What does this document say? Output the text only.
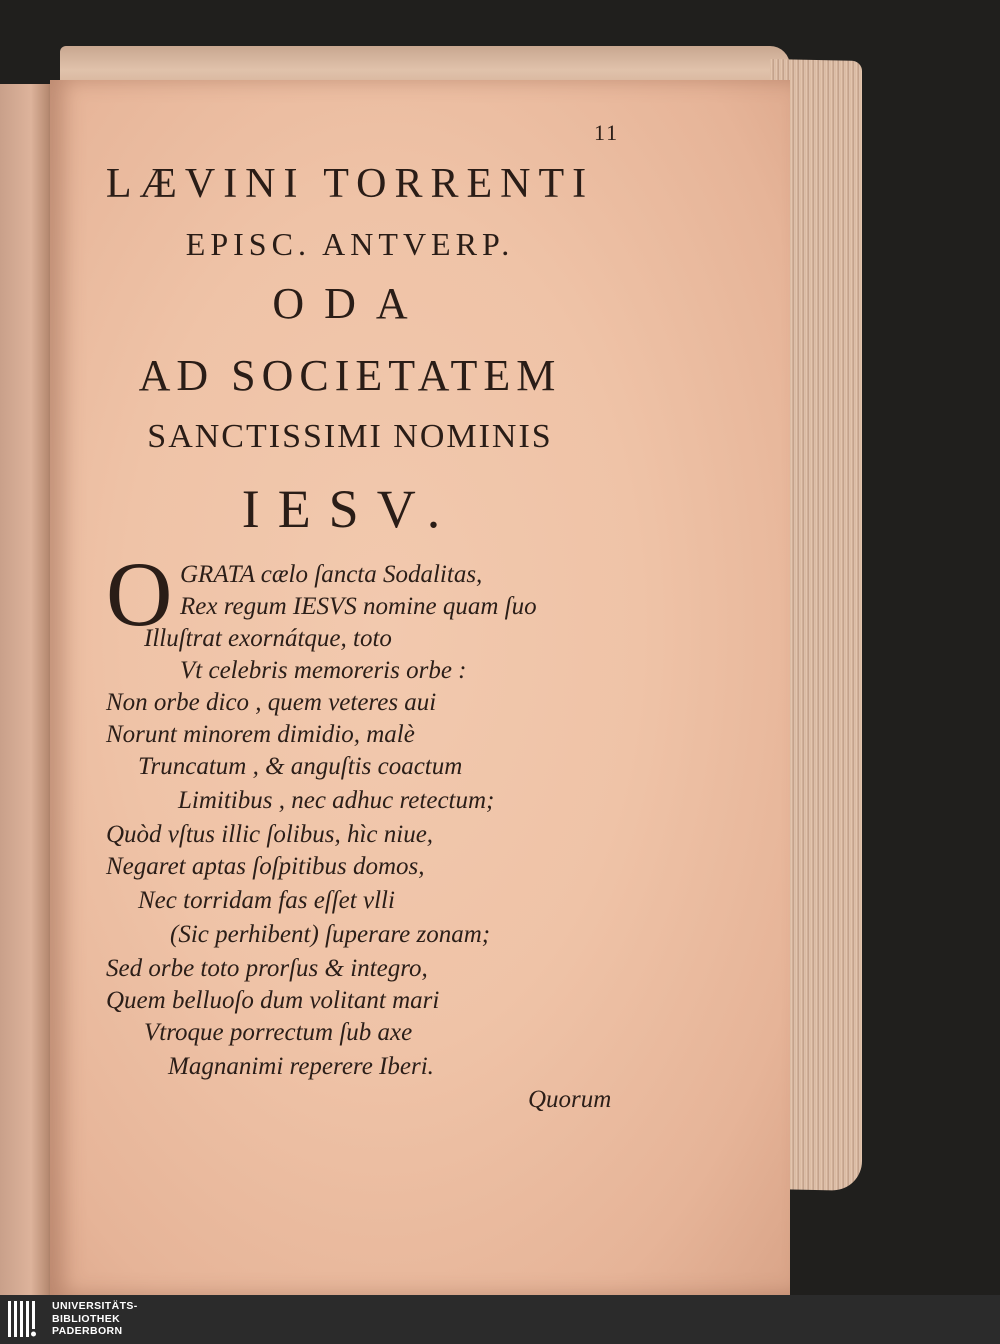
11
LÆVINI TORRENTI
EPISC. ANTVERP.
ODA
AD SOCIETATEM
SANCTISSIMI NOMINIS
IESV.
O GRATA cælo ſancta Sodalitas,
Rex regum IESVS nomine quam ſuo
Illuſtrat exornátque, toto
Vt celebris memoreris orbe :
Non orbe dico , quem veteres aui
Norunt minorem dimidio, malè
Truncatum , & anguſtis coactum
Limitibus , nec adhuc retectum;
Quòd vſtus illic ſolibus, hìc niue,
Negaret aptas ſoſpitibus domos,
Nec torridam fas eſſet vlli
(Sic perhibent) ſuperare zonam;
Sed orbe toto prorſus & integro,
Quem belluoſo dum volitant mari
Vtroque porrectum ſub axe
Magnanimi reperere Iberi.
Quorum
UNIVERSITÄTS-
BIBLIOTHEK
PADERBORN
